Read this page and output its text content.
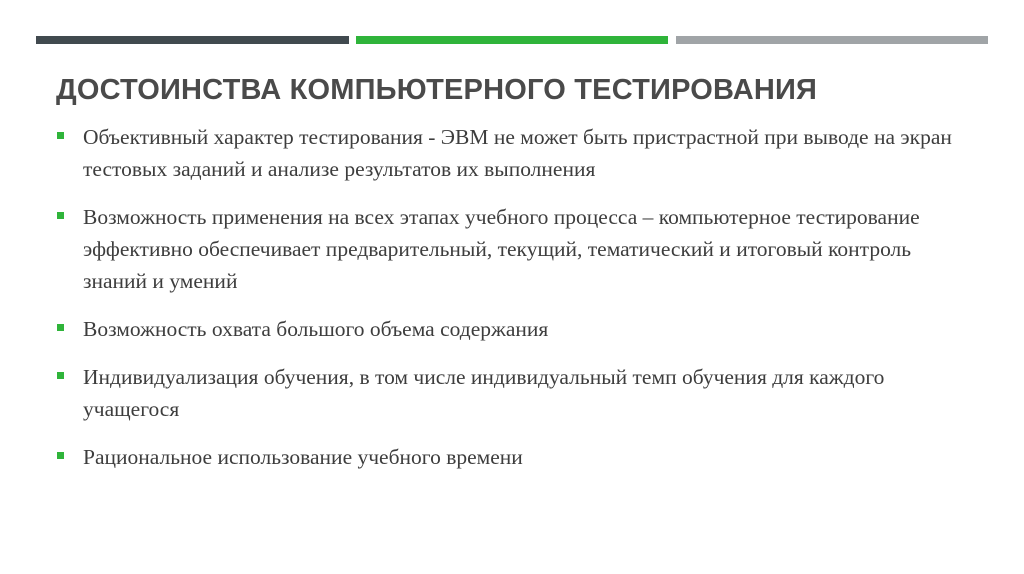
ДОСТОИНСТВА КОМПЬЮТЕРНОГО ТЕСТИРОВАНИЯ
Объективный характер тестирования - ЭВМ не может быть пристрастной при выводе на экран тестовых заданий и анализе результатов их выполнения
Возможность применения на всех этапах учебного процесса – компьютерное тестирование эффективно обеспечивает предварительный, текущий, тематический и итоговый контроль знаний и умений
Возможность охвата большого объема содержания
Индивидуализация обучения, в том числе индивидуальный темп обучения для каждого учащегося
Рациональное использование учебного времени
